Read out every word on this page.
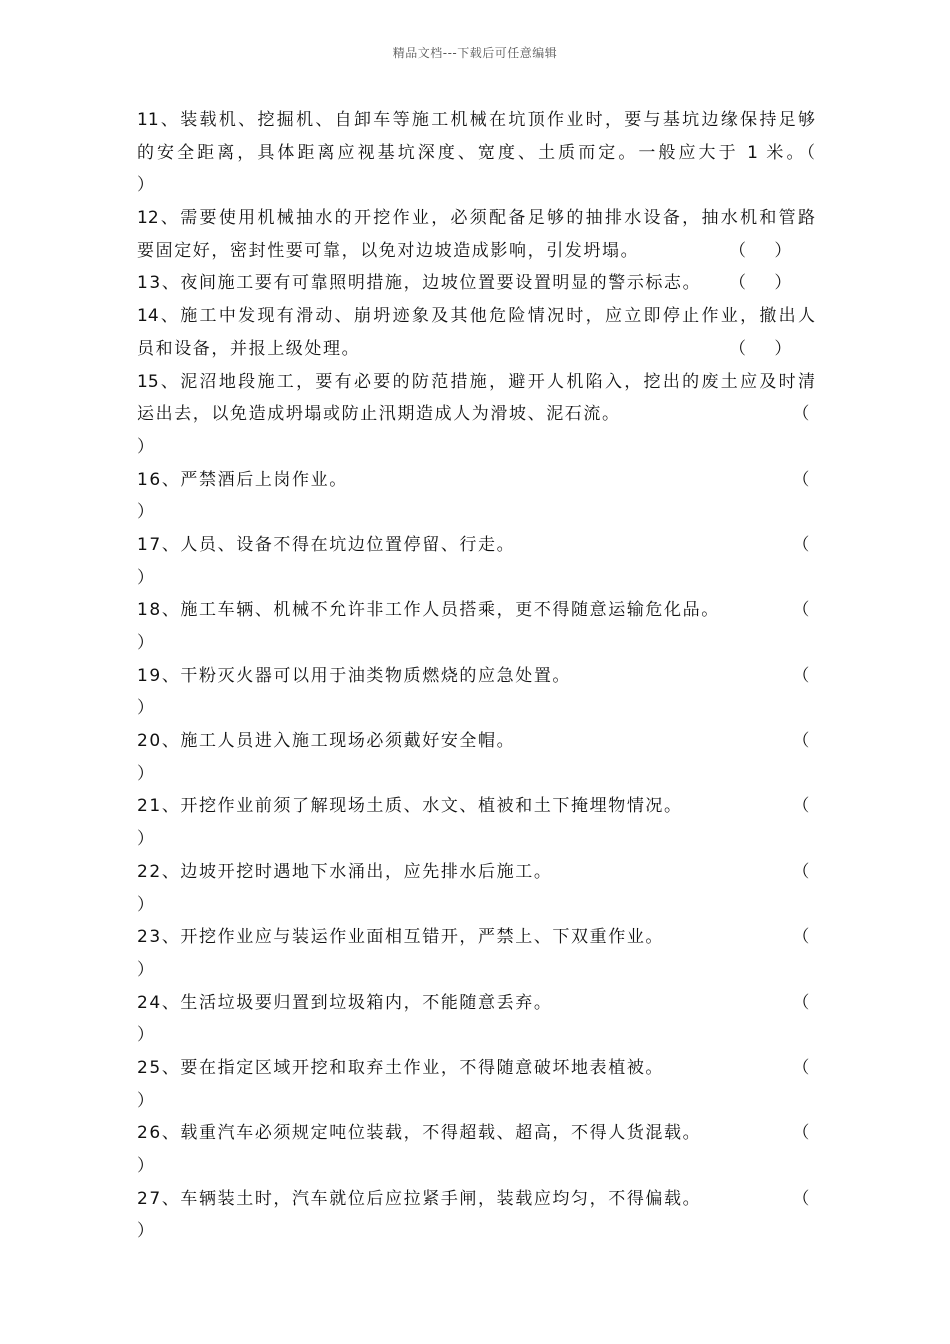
精品文档---下载后可任意编辑
11、装载机、挖掘机、自卸车等施工机械在坑顶作业时，要与基坑边缘保持足够
的安全距离，具体距离应视基坑深度、宽度、土质而定。一般应大于 1 米。（
）
12、需要使用机械抽水的开挖作业，必须配备足够的抽排水设备，抽水机和管路
要固定好，密封性要可靠，以免对边坡造成影响，引发坍塌。	（ ）
13、夜间施工要有可靠照明措施，边坡位置要设置明显的警示标志。 （ ）
14、施工中发现有滑动、崩坍迹象及其他危险情况时，应立即停止作业，撤出人
员和设备，并报上级处理。	（ ）
15、泥沼地段施工，要有必要的防范措施，避开人机陷入，挖出的废土应及时清
运出去，以免造成坍塌或防止汛期造成人为滑坡、泥石流。	（
）
16、严禁酒后上岗作业。	（
）
17、人员、设备不得在坑边位置停留、行走。	（
）
18、施工车辆、机械不允许非工作人员搭乘，更不得随意运输危化品。	（
）
19、干粉灭火器可以用于油类物质燃烧的应急处置。	（
）
20、施工人员进入施工现场必须戴好安全帽。	（
）
21、开挖作业前须了解现场土质、水文、植被和土下掩埋物情况。	（
）
22、边坡开挖时遇地下水涌出，应先排水后施工。	（
）
23、开挖作业应与装运作业面相互错开，严禁上、下双重作业。	（
）
24、生活垃圾要归置到垃圾箱内，不能随意丢弃。	（
）
25、要在指定区域开挖和取弃土作业，不得随意破坏地表植被。	（
）
26、载重汽车必须规定吨位装载，不得超载、超高，不得人货混载。	（
）
27、车辆装土时，汽车就位后应拉紧手闸，装载应均匀，不得偏载。	（
）
